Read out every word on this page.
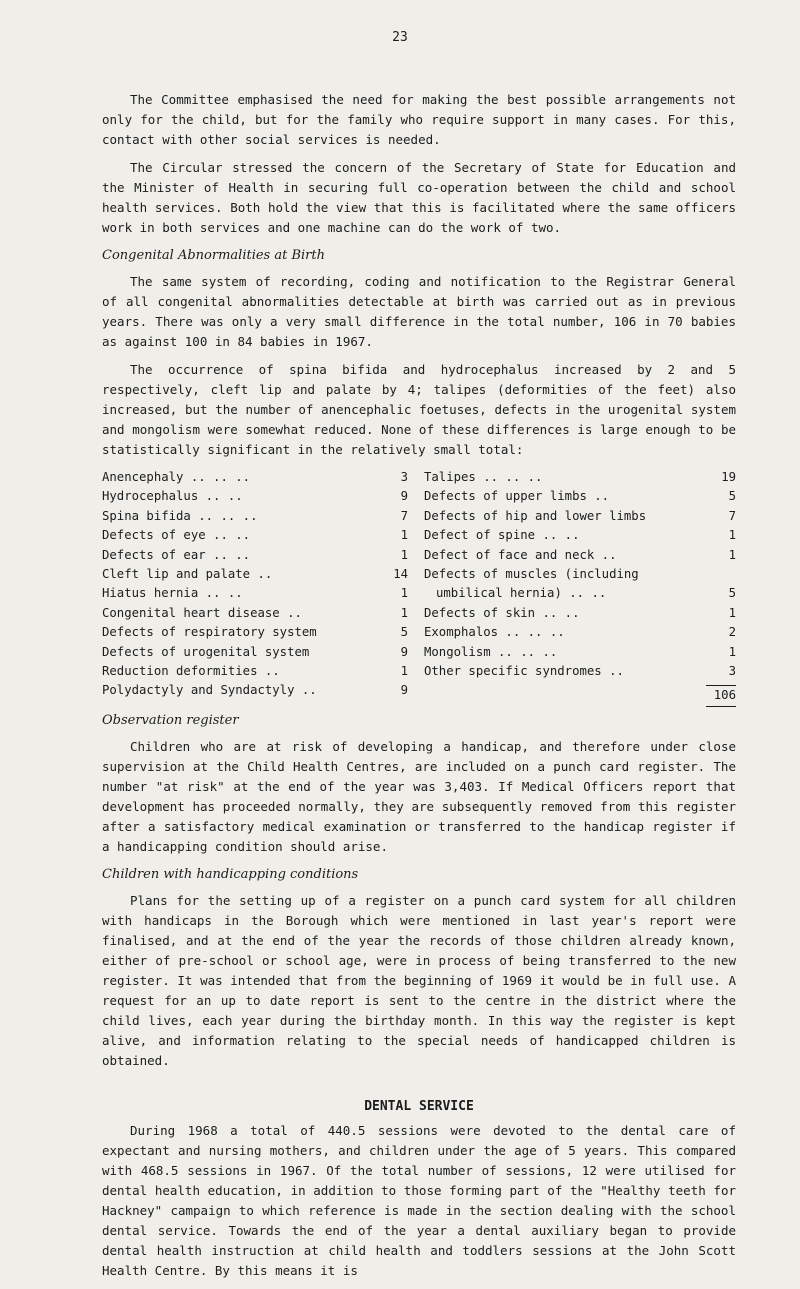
23

The Committee emphasised the need for making the best possible arrangements not only for the child, but for the family who require support in many cases. For this, contact with other social services is needed.

The Circular stressed the concern of the Secretary of State for Education and the Minister of Health in securing full co-operation between the child and school health services. Both hold the view that this is facilitated where the same officers work in both services and one machine can do the work of two.

Congenital Abnormalities at Birth

The same system of recording, coding and notification to the Registrar General of all congenital abnormalities detectable at birth was carried out as in previous years. There was only a very small difference in the total number, 106 in 70 babies as against 100 in 84 babies in 1967.

The occurrence of spina bifida and hydrocephalus increased by 2 and 5 respectively, cleft lip and palate by 4; talipes (deformities of the feet) also increased, but the number of anencephalic foetuses, defects in the urogenital system and mongolism were somewhat reduced. None of these differences is large enough to be statistically significant in the relatively small total:

Anencephaly .. .. ..	3
Hydrocephalus .. ..	9
Spina bifida .. .. ..	7
Defects of eye .. ..	1
Defects of ear .. ..	1
Cleft lip and palate ..	14
Hiatus hernia .. ..	1
Congenital heart disease ..	1
Defects of respiratory system	5
Defects of urogenital system	9
Reduction deformities ..	1
Polydactyly and Syndactyly ..	9
Talipes .. .. ..	19
Defects of upper limbs ..	5
Defects of hip and lower limbs	7
Defect of spine .. ..	1
Defect of face and neck ..	1
Defects of muscles (including
umbilical hernia) .. ..	5
Defects of skin .. ..	1
Exomphalos .. .. ..	2
Mongolism .. .. ..	1
Other specific syndromes ..	3
106
Observation register

Children who are at risk of developing a handicap, and therefore under close supervision at the Child Health Centres, are included on a punch card register. The number "at risk" at the end of the year was 3,403. If Medical Officers report that development has proceeded normally, they are subsequently removed from this register after a satisfactory medical examination or transferred to the handicap register if a handicapping condition should arise.

Children with handicapping conditions

Plans for the setting up of a register on a punch card system for all children with handicaps in the Borough which were mentioned in last year's report were finalised, and at the end of the year the records of those children already known, either of pre-school or school age, were in process of being transferred to the new register. It was intended that from the beginning of 1969 it would be in full use. A request for an up to date report is sent to the centre in the district where the child lives, each year during the birthday month. In this way the register is kept alive, and information relating to the special needs of handicapped children is obtained.

DENTAL SERVICE

During 1968 a total of 440.5 sessions were devoted to the dental care of expectant and nursing mothers, and children under the age of 5 years. This compared with 468.5 sessions in 1967. Of the total number of sessions, 12 were utilised for dental health education, in addition to those forming part of the "Healthy teeth for Hackney" campaign to which reference is made in the section dealing with the school dental service. Towards the end of the year a dental auxiliary began to provide dental health instruction at child health and toddlers sessions at the John Scott Health Centre. By this means it is
